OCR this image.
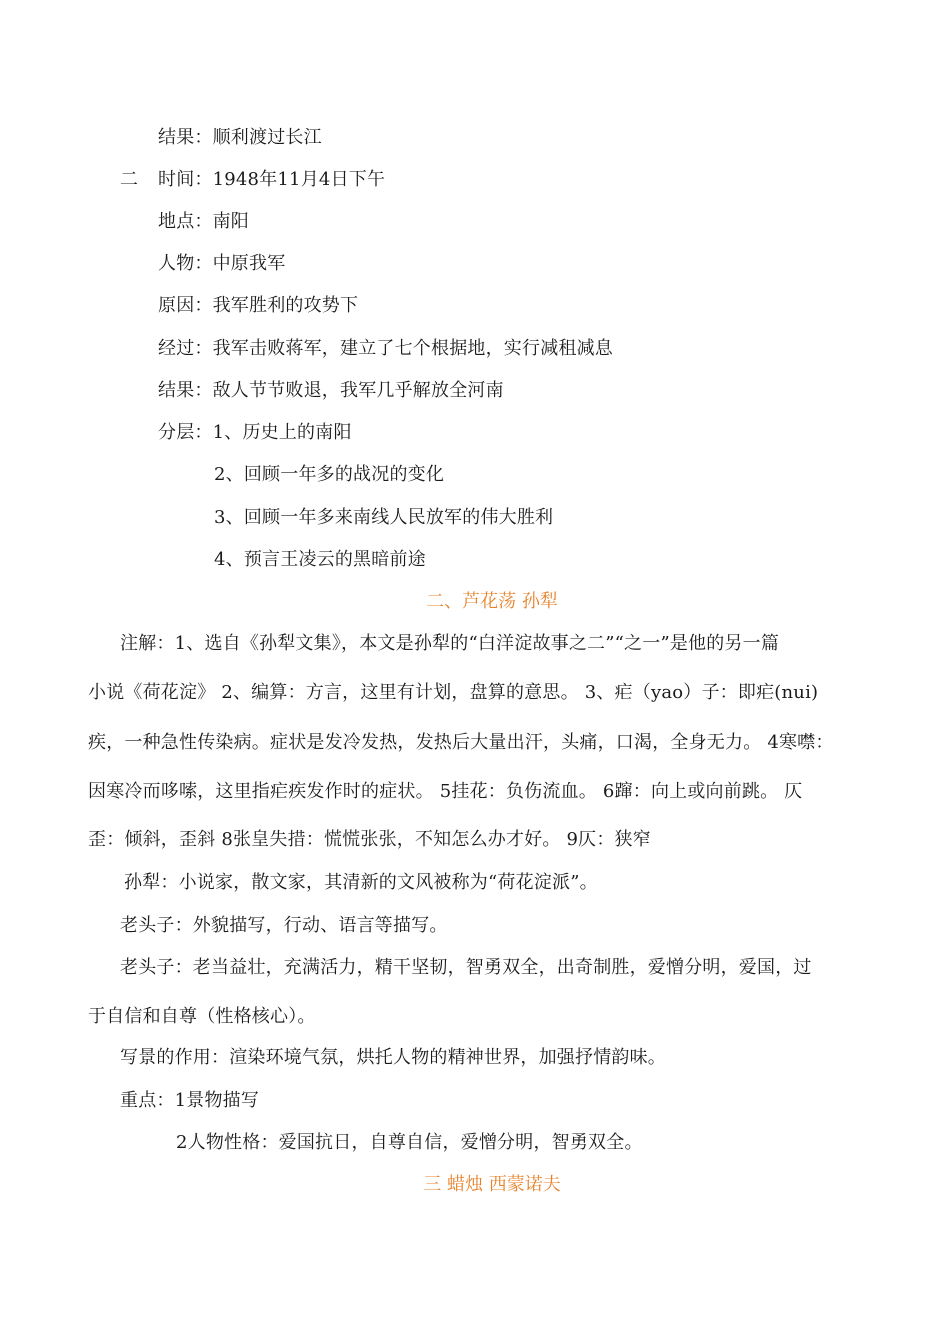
结果：顺利渡过长江
二 时间：1948年11月4日下午
地点：南阳
人物：中原我军
原因：我军胜利的攻势下
经过：我军击败蒋军，建立了七个根据地，实行减租减息
结果：敌人节节败退，我军几乎解放全河南
分层：1、历史上的南阳
2、回顾一年多的战况的变化
3、回顾一年多来南线人民放军的伟大胜利
4、预言王凌云的黑暗前途
二、芦花荡 孙犁
注解：1、选自《孙犁文集》，本文是孙犁的“白洋淀故事之二”“之一”是他的另一篇
小说《荷花淀》 2、编算：方言，这里有计划，盘算的意思。 3、疟（yao）子：即疟(nui)
疾，一种急性传染病。症状是发冷发热，发热后大量出汗，头痛，口渴，全身无力。 4寒噤：
因寒冷而哆嗦，这里指疟疾发作时的症状。 5挂花：负伤流血。 6蹿：向上或向前跳。 仄
歪：倾斜，歪斜 8张皇失措：慌慌张张，不知怎么办才好。 9仄：狭窄
孙犁：小说家，散文家，其清新的文风被称为“荷花淀派”。
老头子：外貌描写，行动、语言等描写。
老头子：老当益壮，充满活力，精干坚韧，智勇双全，出奇制胜，爱憎分明，爱国，过
于自信和自尊（性格核心）。
写景的作用：渲染环境气氛，烘托人物的精神世界，加强抒情韵味。
重点：1景物描写
2人物性格：爱国抗日，自尊自信，爱憎分明，智勇双全。
三 蜡烛 西蒙诺夫
